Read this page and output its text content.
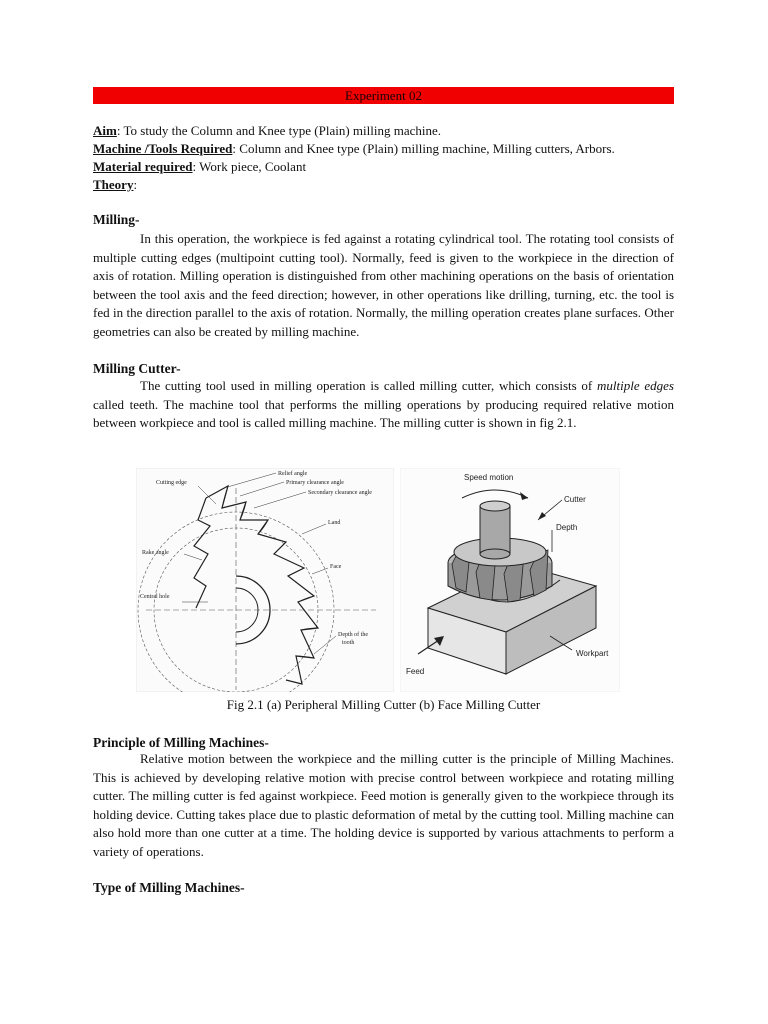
Experiment 02
Aim: To study the Column and Knee type (Plain) milling machine.
Machine /Tools Required: Column and Knee type (Plain) milling machine, Milling cutters, Arbors.
Material required: Work piece, Coolant
Theory:
Milling-
In this operation, the workpiece is fed against a rotating cylindrical tool. The rotating tool consists of multiple cutting edges (multipoint cutting tool). Normally, feed is given to the workpiece in the direction of axis of rotation. Milling operation is distinguished from other machining operations on the basis of orientation between the tool axis and the feed direction; however, in other operations like drilling, turning, etc. the tool is fed in the direction parallel to the axis of rotation. Normally, the milling operation creates plane surfaces. Other geometries can also be created by milling machine.
Milling Cutter-
The cutting tool used in milling operation is called milling cutter, which consists of multiple edges called teeth. The machine tool that performs the milling operations by producing required relative motion between workpiece and tool is called milling machine. The milling cutter is shown in fig 2.1.
Relief angle
Primary clearance angle
Secondary clearance angle
Cutting edge
Land
Rake angle
Face
Central hole
Depth of the
tooth
Speed motion
Cutter
Depth
Workpart
Feed
Fig 2.1 (a) Peripheral Milling Cutter (b) Face Milling Cutter
Principle of Milling Machines-
Relative motion between the workpiece and the milling cutter is the principle of Milling Machines. This is achieved by developing relative motion with precise control between workpiece and rotating milling cutter. The milling cutter is fed against workpiece. Feed motion is generally given to the workpiece through its holding device. Cutting takes place due to plastic deformation of metal by the cutting tool. Milling machine can also hold more than one cutter at a time. The holding device is supported by various attachments to perform a variety of operations.
Type of Milling Machines-
